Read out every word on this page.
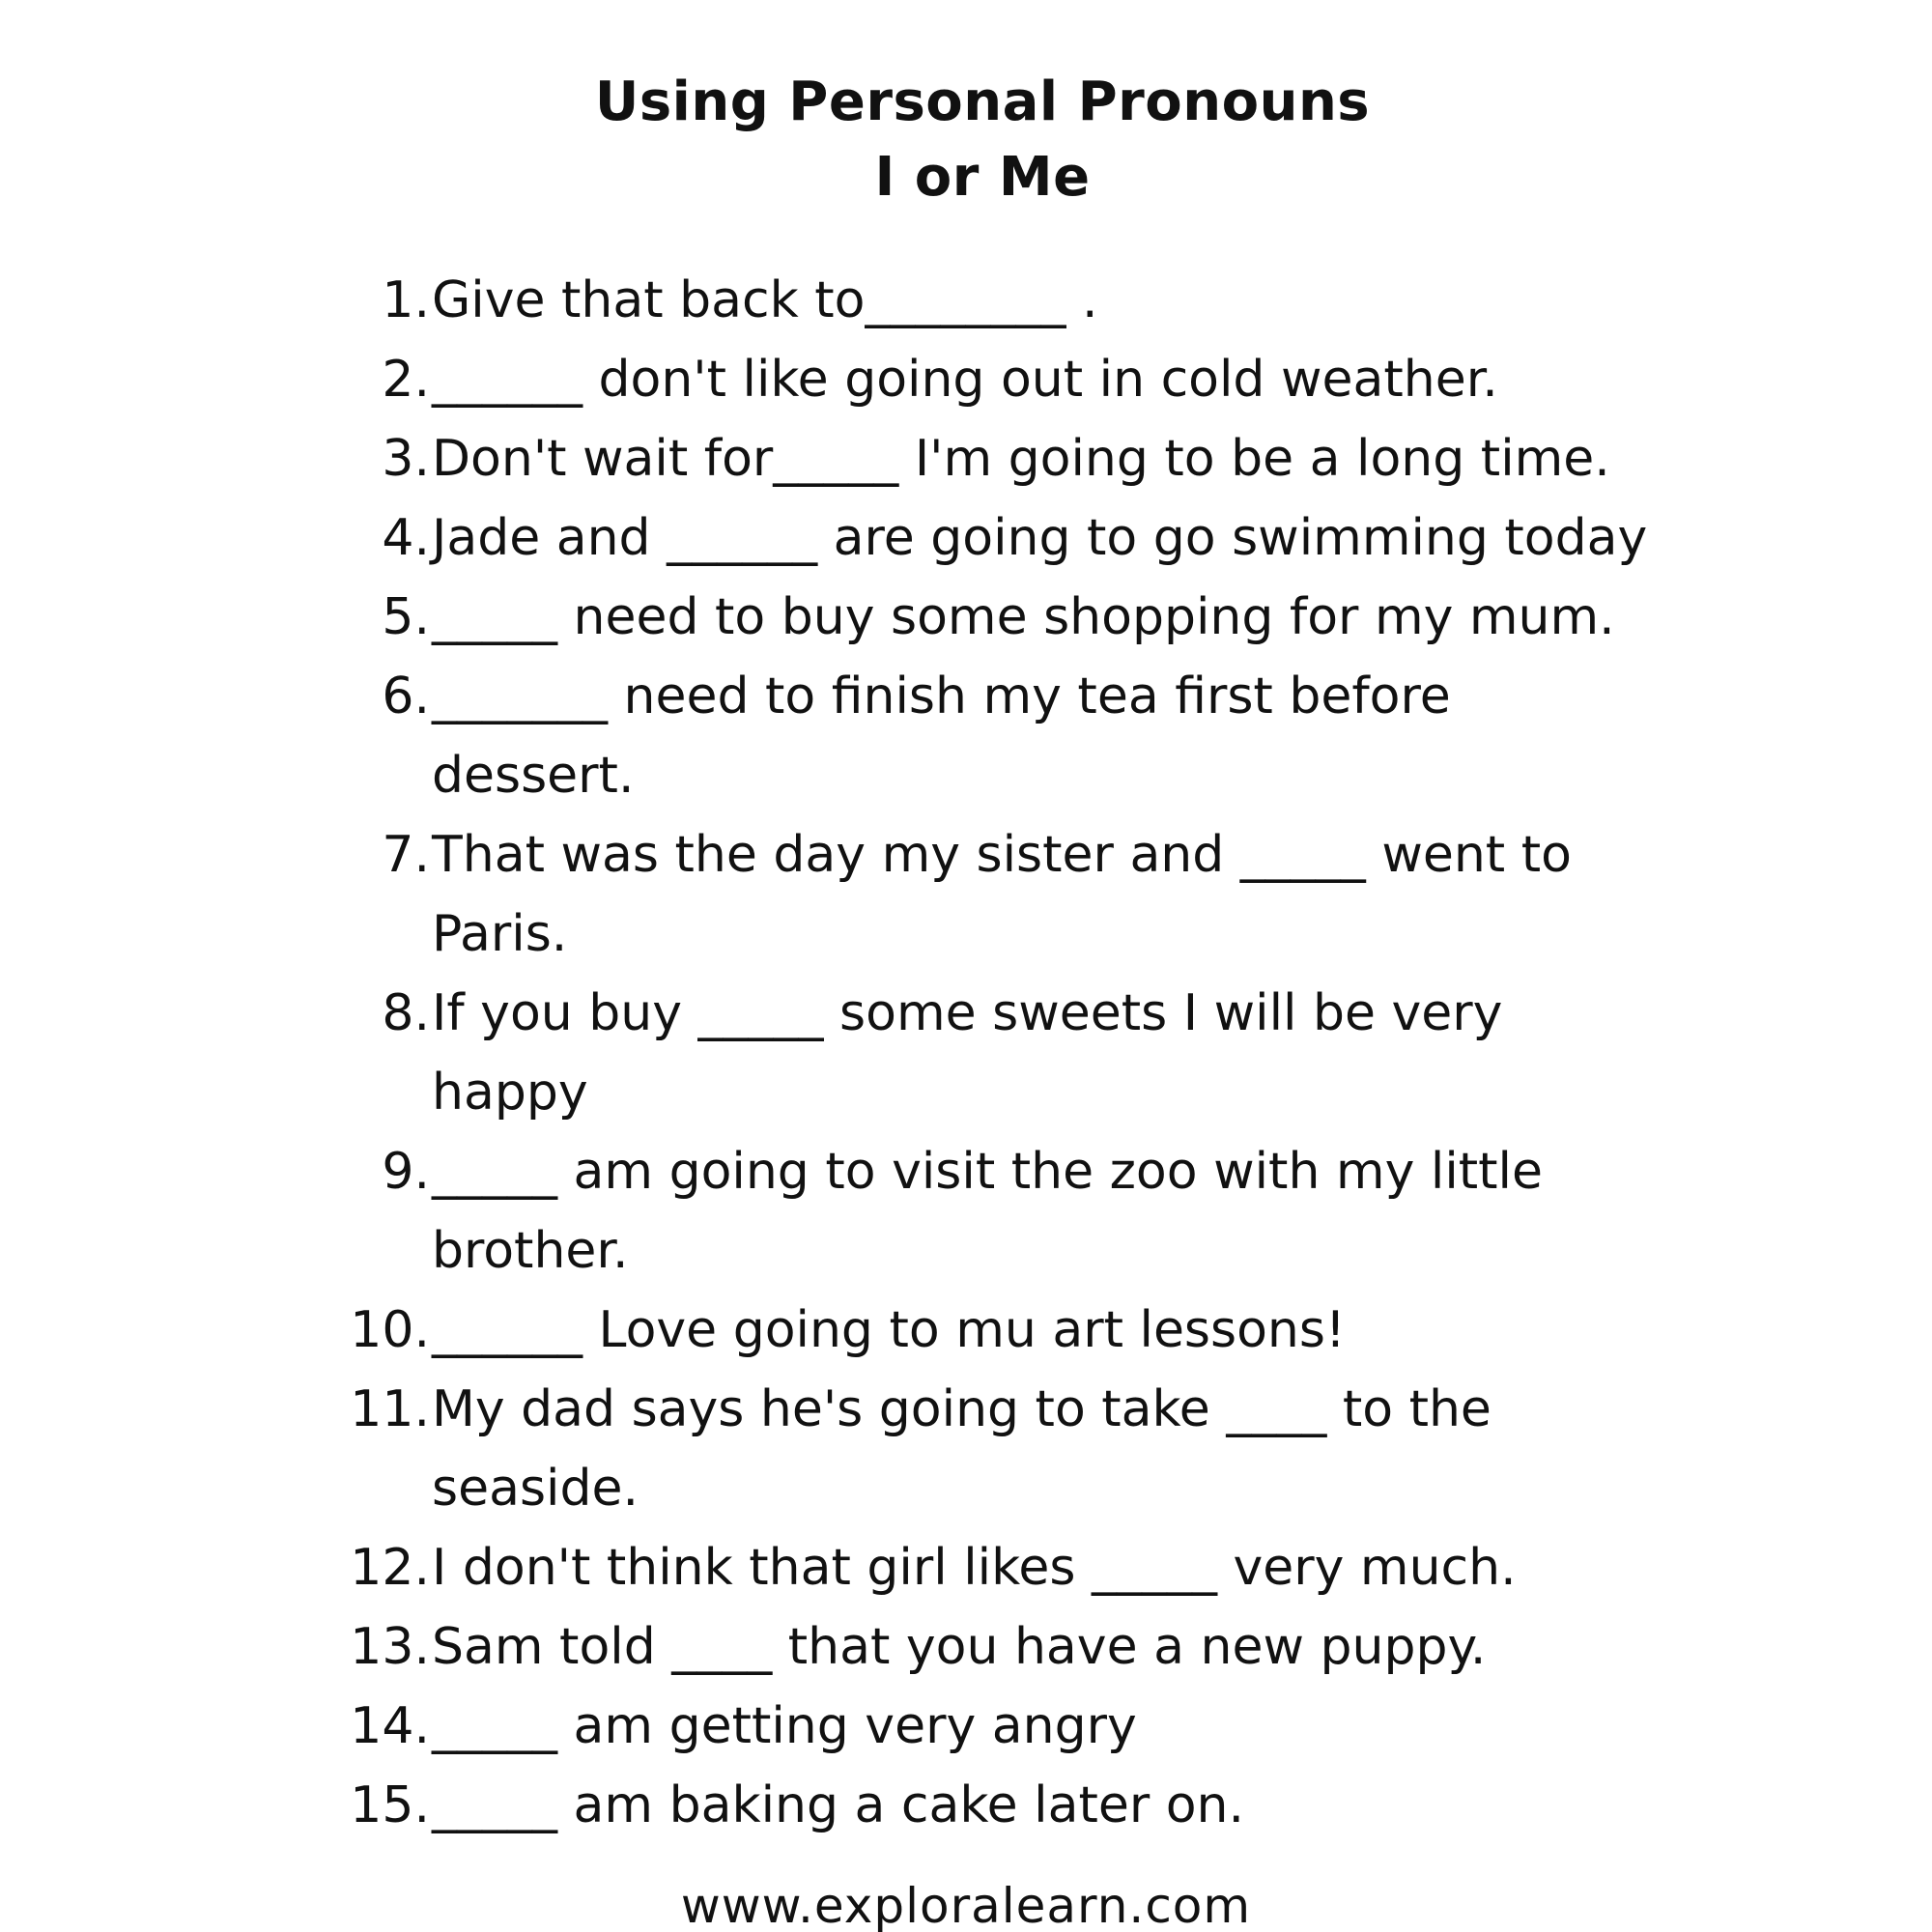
Using Personal Pronouns
I or Me
1. Give that back to________ .
2. ______ don't like going out in cold weather.
3. Don't wait for_____ I'm going to be a long time.
4. Jade and ______ are going to go swimming today
5. _____ need to buy some shopping for my mum.
6. _______ need to finish my tea first before dessert.
7. That was the day my sister and _____ went to Paris.
8. If you buy _____ some sweets I will be very happy
9. _____ am going to visit the zoo with my little brother.
10. ______ Love going to mu art lessons!
11. My dad says he's going to take ____ to the seaside.
12. I don't think that girl likes _____ very much.
13. Sam told ____ that you have a new puppy.
14. _____ am getting very angry
15. _____ am baking a cake later on.
www.exploralearn.com
